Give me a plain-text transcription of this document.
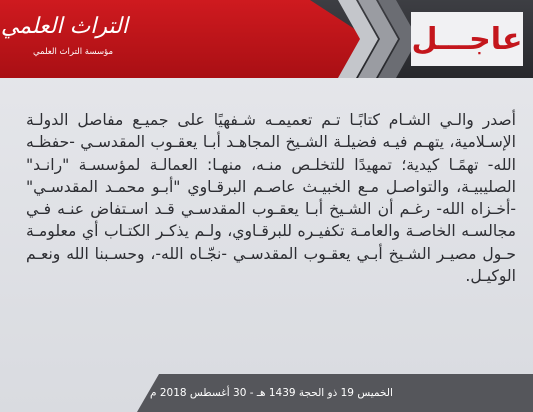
عاجـــل
التراث العلمي
مؤسسة التراث العلمي

أصدر والـي الشـام كتابًـا تـم تعميمـه شـفهيًا على جميـع مفاصل الدولـة الإسـلامية، يتهـم فيـه فضيلـة الشـيخ المجاهـد أبـا يعقـوب المقدسـي -حفظـه الله- تهمًـا كيدية؛ تمهيدًا للتخلـص منـه، منهـا: العمالـة لمؤسسـة "رانـد" الصليبيـة، والتواصـل مـع الخبيـث عاصـم البرقـاوي "أبـو محمـد المقدسـي" -أخـزاه الله- رغـم أن الشـيخ أبـا يعقـوب المقدسـي قـد اسـتفاض عنـه فـي مجالسـه الخاصـة والعامـة تكفيـره للبرقـاوي، ولـم يذكـر الكتـاب أي معلومـة حـول مصيـر الشـيخ أبـي يعقـوب المقدسـي -نجّـاه الله-، وحسـبنا الله ونعـم الوكيـل.

الخميس 19 ذو الحجة 1439 هـ - 30 أغسطس 2018 م
